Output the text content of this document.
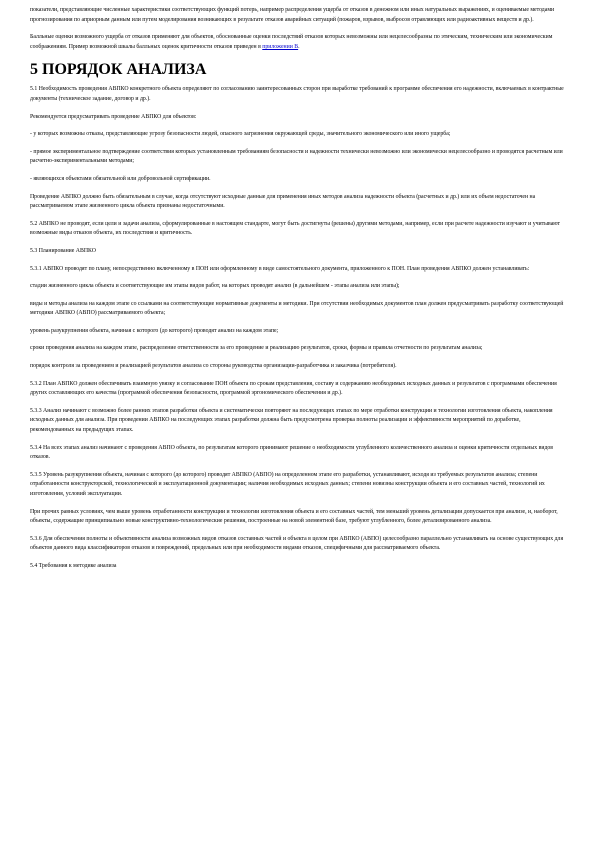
показатели, представляющие численные характеристики соответствующих функций потерь, например распределения ущерба от отказов в денежном или иных натуральных выражениях, и оцениваемые методами прогнозирования по априорным данным или путем моделирования возникающих в результате отказов аварийных ситуаций (пожаров, взрывов, выбросов отравляющих или радиоактивных веществ и др.).

Балльные оценки возможного ущерба от отказов применяют для объектов, обоснованные оценки последствий отказов которых невозможны или нецелесообразны по этическим, техническим или экономическим соображениям. Пример возможной шкалы балльных оценок критичности отказов приведен в приложении В.

5 ПОРЯДОК АНАЛИЗА

5.1 Необходимость проведения АВПКО конкретного объекта определяют по согласованию заинтересованных сторон при выработке требований к программе обеспечения его надежности, включаемых в контрактные документы (техническое задание, договор и др.).

Рекомендуется предусматривать проведение АВПКО для объектов:

- у которых возможны отказы, представляющие угрозу безопасности людей, опасного загрязнения окружающей среды, значительного экономического или иного ущерба;

- прямое экспериментальное подтверждение соответствия которых установленным требованиям безопасности и надежности технически невозможно или экономически нецелесообразно и проводятся расчетным или расчетно-экспериментальными методами;

- являющихся объектами обязательной или добровольной сертификации.

Проведение АВПКО должно быть обязательным в случае, когда отсутствуют исходные данные для применения иных методов анализа надежности объекта (расчетных и др.) или их объем недостаточен на рассматриваемом этапе жизненного цикла объекта признаны недостаточными.

5.2 АВПКО не проводят, если цели и задачи анализа, сформулированные в настоящем стандарте, могут быть достигнуты (решены) другими методами, например, если при расчете надежности изучают и учитывают возможные виды отказов объекта, их последствия и критичность.

5.3 Планирование АВПКО

5.3.1 АВПКО проводят по плану, непосредственно включенному в ПОН или оформленному в виде самостоятельного документа, приложенного к ПОН. План проведения АВПКО должен устанавливать:

стадии жизненного цикла объекта и соответствующие им этапы видов работ, на которых проводят анализ (в дальнейшем - этапы анализа или этапы);

виды и методы анализа на каждом этапе со ссылками на соответствующие нормативные документы и методики. При отсутствии необходимых документов план должен предусматривать разработку соответствующей методики АВПКО (АВПО) рассматриваемого объекта;

уровень разукрупнения объекта, начиная с которого (до которого) проводят анализ на каждом этапе;

сроки проведения анализа на каждом этапе, распределение ответственности за его проведение и реализацию результатов, сроки, формы и правила отчетности по результатам анализа;

порядок контроля за проведением и реализацией результатов анализа со стороны руководства организации-разработчика и заказчика (потребителя).

5.3.2 План АВПКО должен обеспечивать взаимную увязку и согласование ПОН объекта по срокам представления, составу и содержанию необходимых исходных данных и результатов с программами обеспечения других составляющих его качества (программой обеспечения безопасности, программой эргономического обеспечения и др.).

5.3.3 Анализ начинают с возможно более ранних этапов разработки объекта и систематически повторяют на последующих этапах по мере отработки конструкции и технологии изготовления объекта, накопления исходных данных для анализа. При проведении АВПКО на последующих этапах разработки должна быть предусмотрена проверка полноты реализации и эффективности мероприятий по доработке, рекомендованных на предыдущих этапах.

5.3.4 На всех этапах анализ начинают с проведения АВПО объекта, по результатам которого принимают решение о необходимости углубленного количественного анализа и оценки критичности отдельных видов отказов.

5.3.5 Уровень разукрупнения объекта, начиная с которого (до которого) проводят АВПКО (АВПО) на определенном этапе его разработки, устанавливают, исходя из требуемых результатов анализа; степени отработанности конструкторской, технологической и эксплуатационной документации; наличия необходимых исходных данных; степени новизны конструкции объекта и его составных частей, технологий их изготовления, условий эксплуатации.

При прочих равных условиях, чем выше уровень отработанности конструкции и технологии изготовления объекта и его составных частей, тем меньший уровень детализации допускается при анализе, и, наоборот, объекты, содержащие принципиально новые конструктивно-технологические решения, построенные на новой элементной базе, требуют углубленного, более детализированного анализа.

5.3.6 Для обеспечения полноты и объективности анализа возможных видов отказов составных частей и объекта в целом при АВПКО (АВПО) целесообразно параллельно устанавливать на основе существующих для объектов данного вида классификаторов отказов и повреждений, предельных или при необходимости видами отказов, специфичными для рассматриваемого объекта.

5.4 Требования к методике анализа
